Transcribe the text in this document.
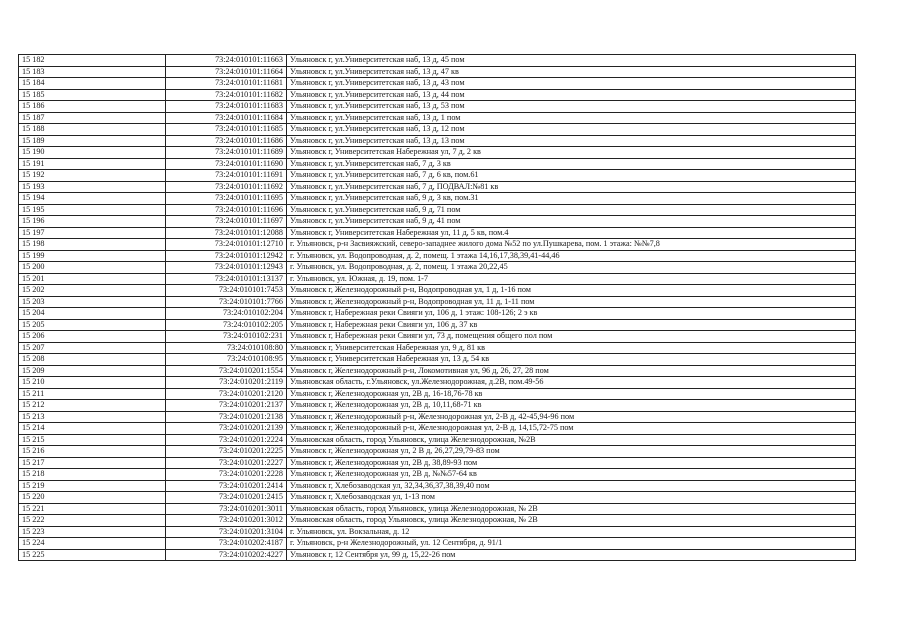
15 182	73:24:010101:11663	Ульяновск г, ул.Университетская наб, 13 д, 45 пом
15 183	73:24:010101:11664	Ульяновск г, ул.Университетская наб, 13 д, 47 кв
15 184	73:24:010101:11681	Ульяновск г, ул.Университетская наб, 13 д, 43 пом
15 185	73:24:010101:11682	Ульяновск г, ул.Университетская наб, 13 д, 44 пом
15 186	73:24:010101:11683	Ульяновск г, ул.Университетская наб, 13 д, 53 пом
15 187	73:24:010101:11684	Ульяновск г, ул.Университетская наб, 13 д, 1 пом
15 188	73:24:010101:11685	Ульяновск г, ул.Университетская наб, 13 д, 12 пом
15 189	73:24:010101:11686	Ульяновск г, ул.Университетская наб, 13 д, 13 пом
15 190	73:24:010101:11689	Ульяновск г, Университетская Набережная ул, 7 д, 2 кв
15 191	73:24:010101:11690	Ульяновск г, ул.Университетская наб, 7 д, 3 кв
15 192	73:24:010101:11691	Ульяновск г, ул.Университетская наб, 7 д, 6 кв, пом.61
15 193	73:24:010101:11692	Ульяновск г, ул.Университетская наб, 7 д, ПОДВАЛ:№81 кв
15 194	73:24:010101:11695	Ульяновск г, ул.Университетская наб, 9 д, 3 кв, пом.31
15 195	73:24:010101:11696	Ульяновск г, ул.Университетская наб, 9 д, 71 пом
15 196	73:24:010101:11697	Ульяновск г, ул.Университетская наб, 9 д, 41 пом
15 197	73:24:010101:12088	Ульяновск г, Университетская Набережная ул, 11 д, 5 кв, пом.4
15 198	73:24:010101:12710	г. Ульяновск, р-н Засвияжский, северо-западнее жилого дома №52 по ул.Пушкарева, пом. 1 этажа: №№7,8
15 199	73:24:010101:12942	г. Ульяновск, ул. Водопроводная, д. 2, помещ. 1 этажа 14,16,17,38,39,41-44,46
15 200	73:24:010101:12943	г. Ульяновск, ул. Водопроводная, д. 2, помещ. 1 этажа 20,22,45
15 201	73:24:010101:13137	г. Ульяновск, ул. Южная, д. 19, пом. 1-7
15 202	73:24:010101:7453	Ульяновск г, Железнодорожный р-н, Водопроводная ул, 1 д, 1-16 пом
15 203	73:24:010101:7766	Ульяновск г, Железнодорожный р-н, Водопроводная ул, 11 д, 1-11 пом
15 204	73:24:010102:204	Ульяновск г, Набережная реки Свияги ул, 106 д, 1 этаж: 108-126; 2 э кв
15 205	73:24:010102:205	Ульяновск г, Набережная реки Свияги ул, 106 д, 37 кв
15 206	73:24:010102:231	Ульяновск г, Набережная реки Свияги ул, 73 д, помещения общего пол пом
15 207	73:24:010108:80	Ульяновск г, Университетская Набережная ул, 9 д, 81 кв
15 208	73:24:010108:95	Ульяновск г, Университетская Набережная ул, 13 д, 54 кв
15 209	73:24:010201:1554	Ульяновск г, Железнодорожный р-н, Локомотивная ул, 96 д, 26, 27, 28 пом
15 210	73:24:010201:2119	Ульяновская область, г.Ульяновск, ул.Железнодорожная, д.2В, пом.49-56
15 211	73:24:010201:2120	Ульяновск г, Железнодорожная ул, 2В д, 16-18,76-78 кв
15 212	73:24:010201:2137	Ульяновск г, Железнодорожная ул, 2В д, 10,11,68-71 кв
15 213	73:24:010201:2138	Ульяновск г, Железнодорожный р-н, Железнодорожная ул, 2-В д, 42-45,94-96 пом
15 214	73:24:010201:2139	Ульяновск г, Железнодорожный р-н, Железнодорожная ул, 2-В д, 14,15,72-75 пом
15 215	73:24:010201:2224	Ульяновская область, город Ульяновск, улица Железнодорожная, №2В
15 216	73:24:010201:2225	Ульяновск г, Железнодорожная ул, 2 В д, 26,27,29,79-83 пом
15 217	73:24:010201:2227	Ульяновск г, Железнодорожная ул, 2В д, 38,89-93 пом
15 218	73:24:010201:2228	Ульяновск г, Железнодорожная ул, 2В д, №№57-64 кв
15 219	73:24:010201:2414	Ульяновск г, Хлебозаводская ул, 32,34,36,37,38,39,40 пом
15 220	73:24:010201:2415	Ульяновск г, Хлебозаводская ул, 1-13 пом
15 221	73:24:010201:3011	Ульяновская область, город Ульяновск, улица Железнодорожная, № 2В
15 222	73:24:010201:3012	Ульяновская область, город Ульяновск, улица Железнодорожная, № 2В
15 223	73:24:010201:3104	г. Ульяновск, ул. Вокзальная, д. 12
15 224	73:24:010202:4187	г. Ульяновск, р-н Железнодорожный, ул. 12 Сентября, д. 91/1
15 225	73:24:010202:4227	Ульяновск г, 12 Сентября ул, 99 д, 15,22-26 пом
